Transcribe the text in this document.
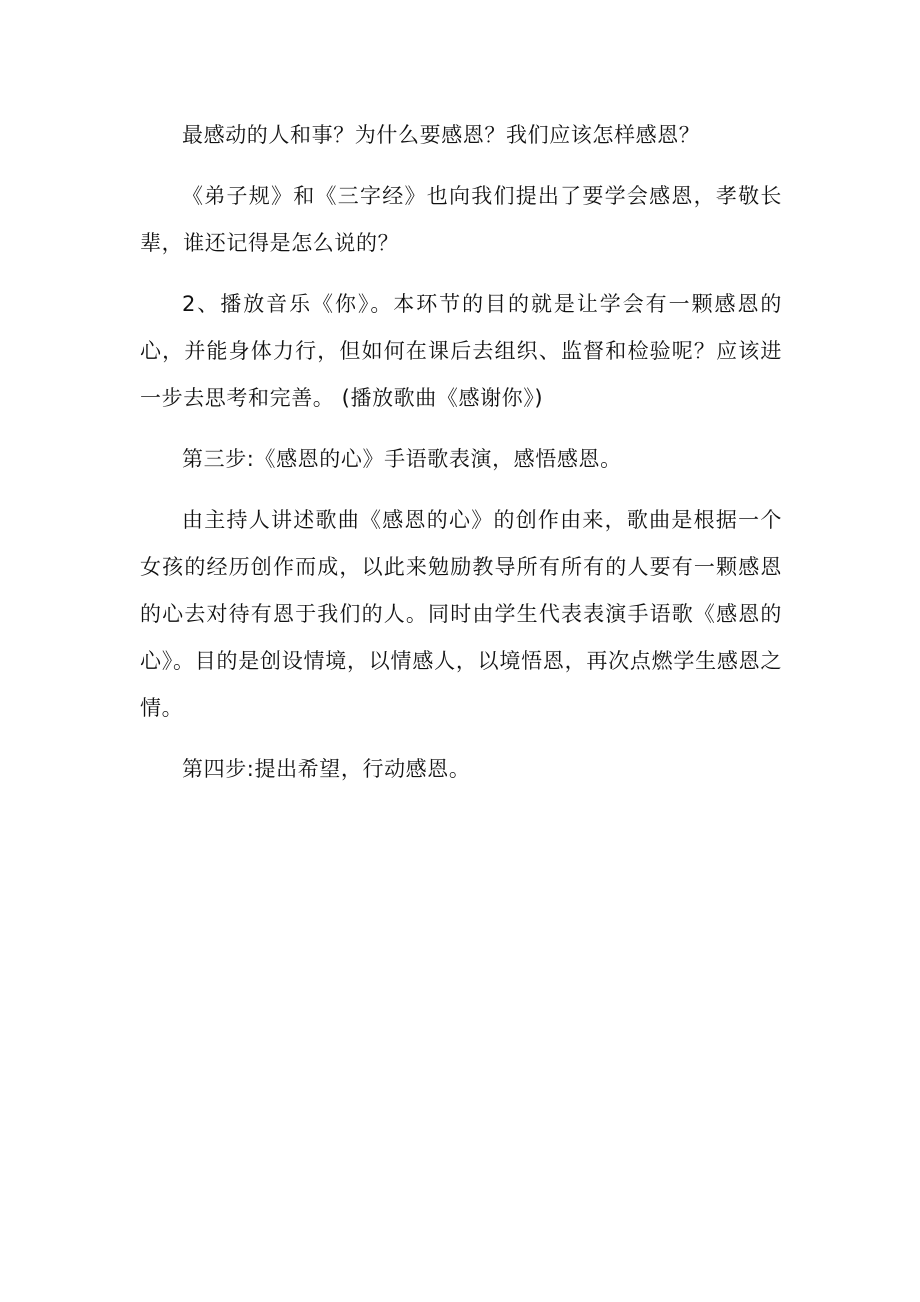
最感动的人和事？为什么要感恩？我们应该怎样感恩？

《弟子规》和《三字经》也向我们提出了要学会感恩，孝敬长辈，谁还记得是怎么说的？

2、播放音乐《你》。本环节的目的就是让学会有一颗感恩的心，并能身体力行，但如何在课后去组织、监督和检验呢？应该进一步去思考和完善。 (播放歌曲《感谢你》)

第三步:《感恩的心》手语歌表演，感悟感恩。

由主持人讲述歌曲《感恩的心》的创作由来，歌曲是根据一个女孩的经历创作而成，以此来勉励教导所有所有的人要有一颗感恩的心去对待有恩于我们的人。同时由学生代表表演手语歌《感恩的心》。目的是创设情境，以情感人，以境悟恩，再次点燃学生感恩之情。

第四步:提出希望，行动感恩。
